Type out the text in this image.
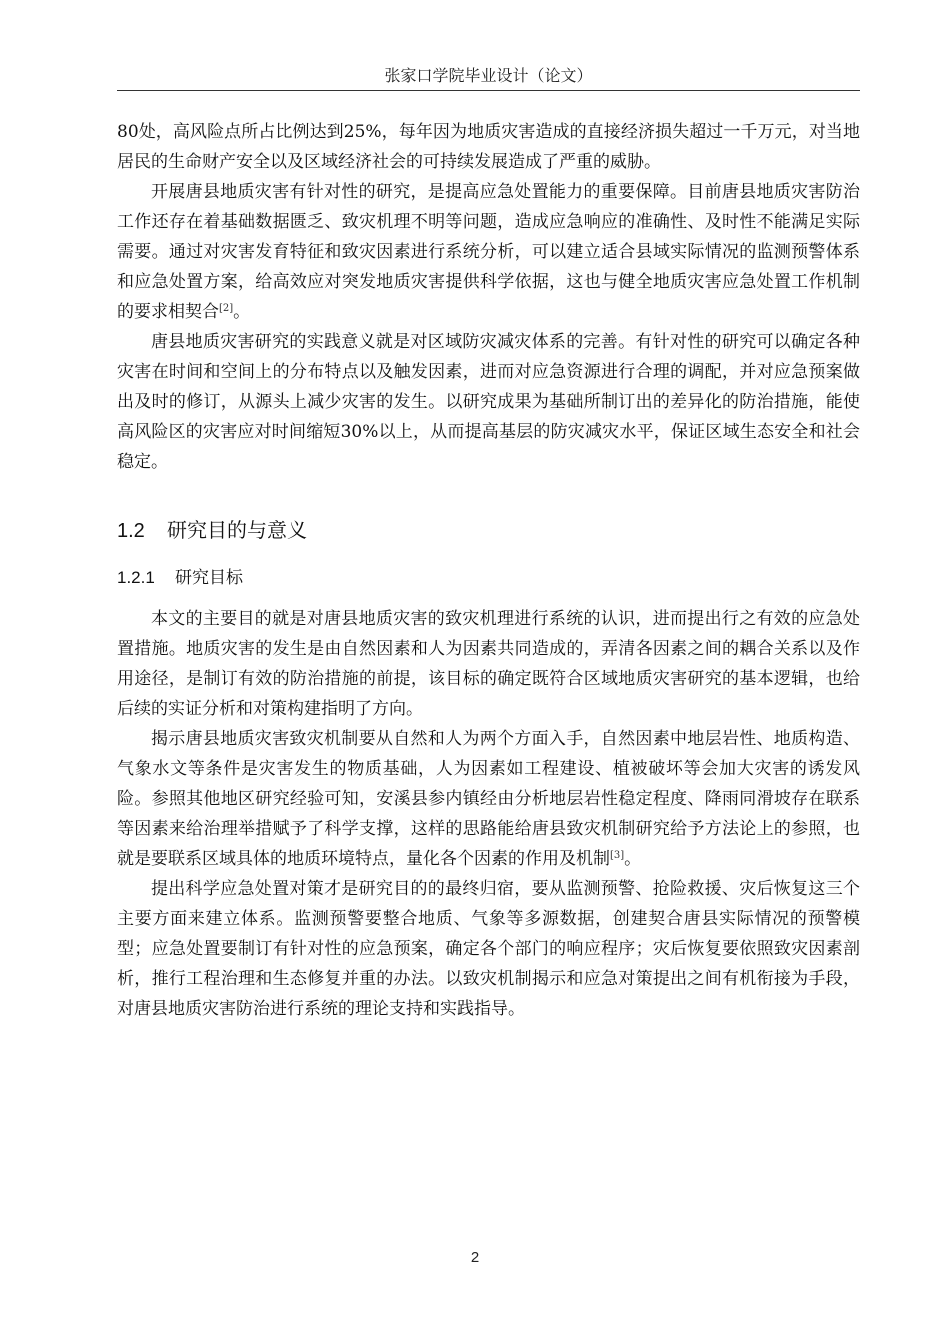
张家口学院毕业设计（论文）

80处，高风险点所占比例达到25%，每年因为地质灾害造成的直接经济损失超过一千万元，对当地居民的生命财产安全以及区域经济社会的可持续发展造成了严重的威胁。

开展唐县地质灾害有针对性的研究，是提高应急处置能力的重要保障。目前唐县地质灾害防治工作还存在着基础数据匮乏、致灾机理不明等问题，造成应急响应的准确性、及时性不能满足实际需要。通过对灾害发育特征和致灾因素进行系统分析，可以建立适合县域实际情况的监测预警体系和应急处置方案，给高效应对突发地质灾害提供科学依据，这也与健全地质灾害应急处置工作机制的要求相契合[2]。

唐县地质灾害研究的实践意义就是对区域防灾减灾体系的完善。有针对性的研究可以确定各种灾害在时间和空间上的分布特点以及触发因素，进而对应急资源进行合理的调配，并对应急预案做出及时的修订，从源头上减少灾害的发生。以研究成果为基础所制订出的差异化的防治措施，能使高风险区的灾害应对时间缩短30%以上，从而提高基层的防灾减灾水平，保证区域生态安全和社会稳定。

1.2 研究目的与意义
1.2.1 研究目标

本文的主要目的就是对唐县地质灾害的致灾机理进行系统的认识，进而提出行之有效的应急处置措施。地质灾害的发生是由自然因素和人为因素共同造成的，弄清各因素之间的耦合关系以及作用途径，是制订有效的防治措施的前提，该目标的确定既符合区域地质灾害研究的基本逻辑，也给后续的实证分析和对策构建指明了方向。

揭示唐县地质灾害致灾机制要从自然和人为两个方面入手，自然因素中地层岩性、地质构造、气象水文等条件是灾害发生的物质基础，人为因素如工程建设、植被破坏等会加大灾害的诱发风险。参照其他地区研究经验可知，安溪县参内镇经由分析地层岩性稳定程度、降雨同滑坡存在联系等因素来给治理举措赋予了科学支撑，这样的思路能给唐县致灾机制研究给予方法论上的参照，也就是要联系区域具体的地质环境特点，量化各个因素的作用及机制[3]。

提出科学应急处置对策才是研究目的的最终归宿，要从监测预警、抢险救援、灾后恢复这三个主要方面来建立体系。监测预警要整合地质、气象等多源数据，创建契合唐县实际情况的预警模型；应急处置要制订有针对性的应急预案，确定各个部门的响应程序；灾后恢复要依照致灾因素剖析，推行工程治理和生态修复并重的办法。以致灾机制揭示和应急对策提出之间有机衔接为手段，对唐县地质灾害防治进行系统的理论支持和实践指导。

2
